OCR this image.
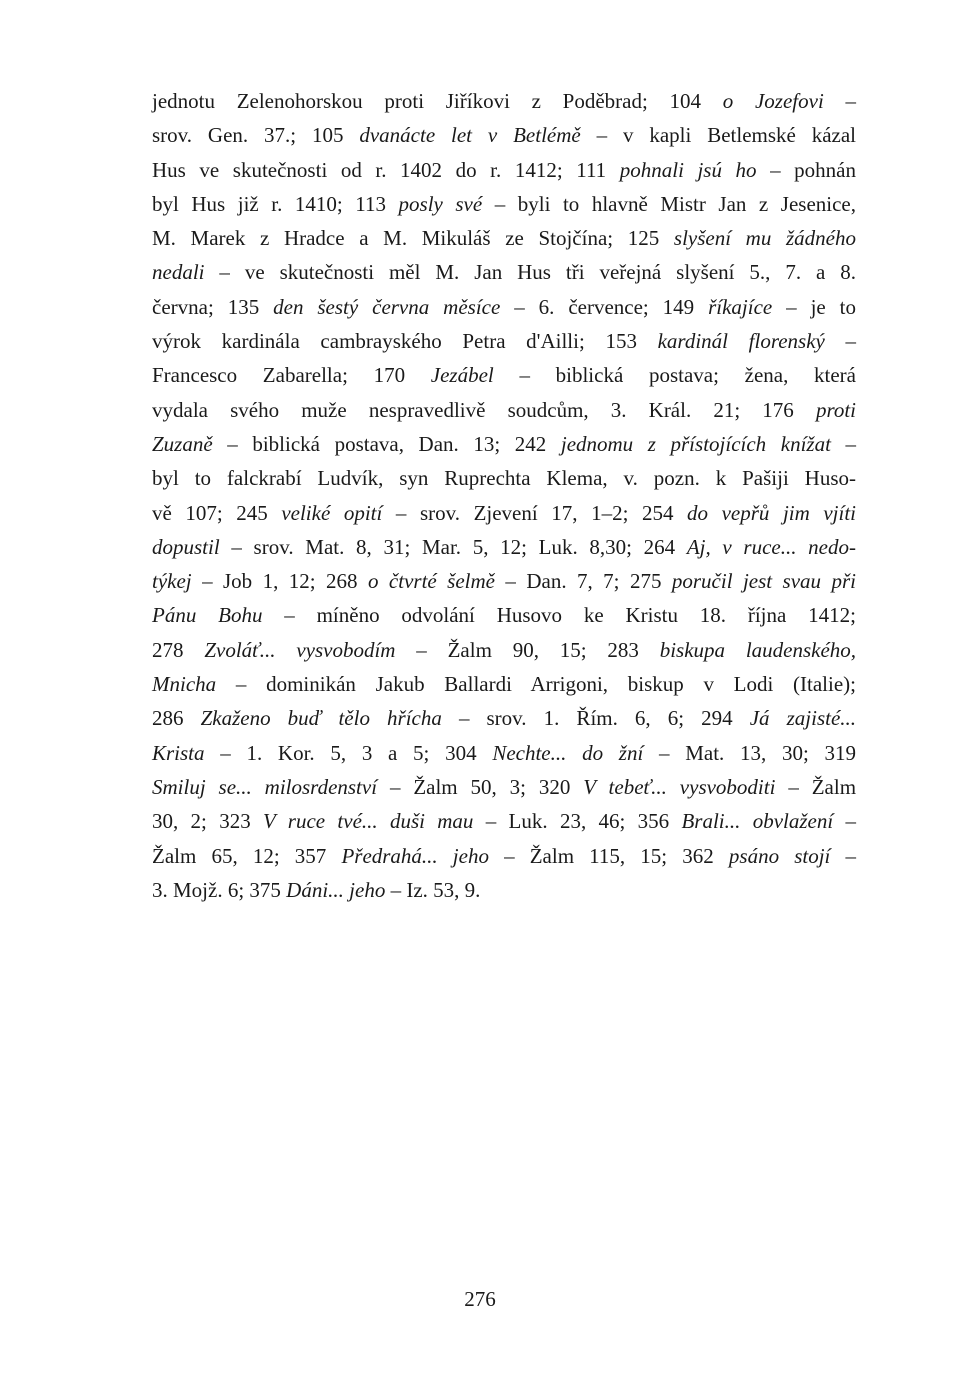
jednotu Zelenohorskou proti Jiříkovi z Poděbrad; 104 o Jozefovi –
srov. Gen. 37.; 105 dvanácte let v Betlémě – v kapli Betlemské kázal
Hus ve skutečnosti od r. 1402 do r. 1412; 111 pohnali jsú ho – pohnán
byl Hus již r. 1410; 113 posly své – byli to hlavně Mistr Jan z Jesenice,
M. Marek z Hradce a M. Mikuláš ze Stojčína; 125 slyšení mu žádného
nedali – ve skutečnosti měl M. Jan Hus tři veřejná slyšení 5., 7. a 8.
června; 135 den šestý června měsíce – 6. července; 149 říkajíce – je to
výrok kardinála cambrayského Petra d'Ailli; 153 kardinál florenský –
Francesco Zabarella; 170 Jezábel – biblická postava; žena, která
vydala svého muže nespravedlivě soudcům, 3. Král. 21; 176 proti
Zuzaně – biblická postava, Dan. 13; 242 jednomu z přístojících knížat –
byl to falckrabí Ludvík, syn Ruprechta Klema, v. pozn. k Pašiji Huso-
vě 107; 245 veliké opití – srov. Zjevení 17, 1–2; 254 do vepřů jim vjíti
dopustil – srov. Mat. 8, 31; Mar. 5, 12; Luk. 8,30; 264 Aj, v ruce... nedo-
týkej – Job 1, 12; 268 o čtvrté šelmě – Dan. 7, 7; 275 poručil jest svau při
Pánu Bohu – míněno odvolání Husovo ke Kristu 18. října 1412;
278 Zvoláť... vysvobodím – Žalm 90, 15; 283 biskupa laudenského,
Mnicha – dominikán Jakub Ballardi Arrigoni, biskup v Lodi (Italie);
286 Zkaženo buď tělo hřícha – srov. 1. Řím. 6, 6; 294 Já zajisté...
Krista – 1. Kor. 5, 3 a 5; 304 Nechte... do žní – Mat. 13, 30; 319
Smiluj se... milosrdenství – Žalm 50, 3; 320 V tebeť... vysvoboditi – Žalm
30, 2; 323 V ruce tvé... duši mau – Luk. 23, 46; 356 Brali... obvlažení –
Žalm 65, 12; 357 Předrahá... jeho – Žalm 115, 15; 362 psáno stojí –
3. Mojž. 6; 375 Dáni... jeho – Iz. 53, 9.
276
